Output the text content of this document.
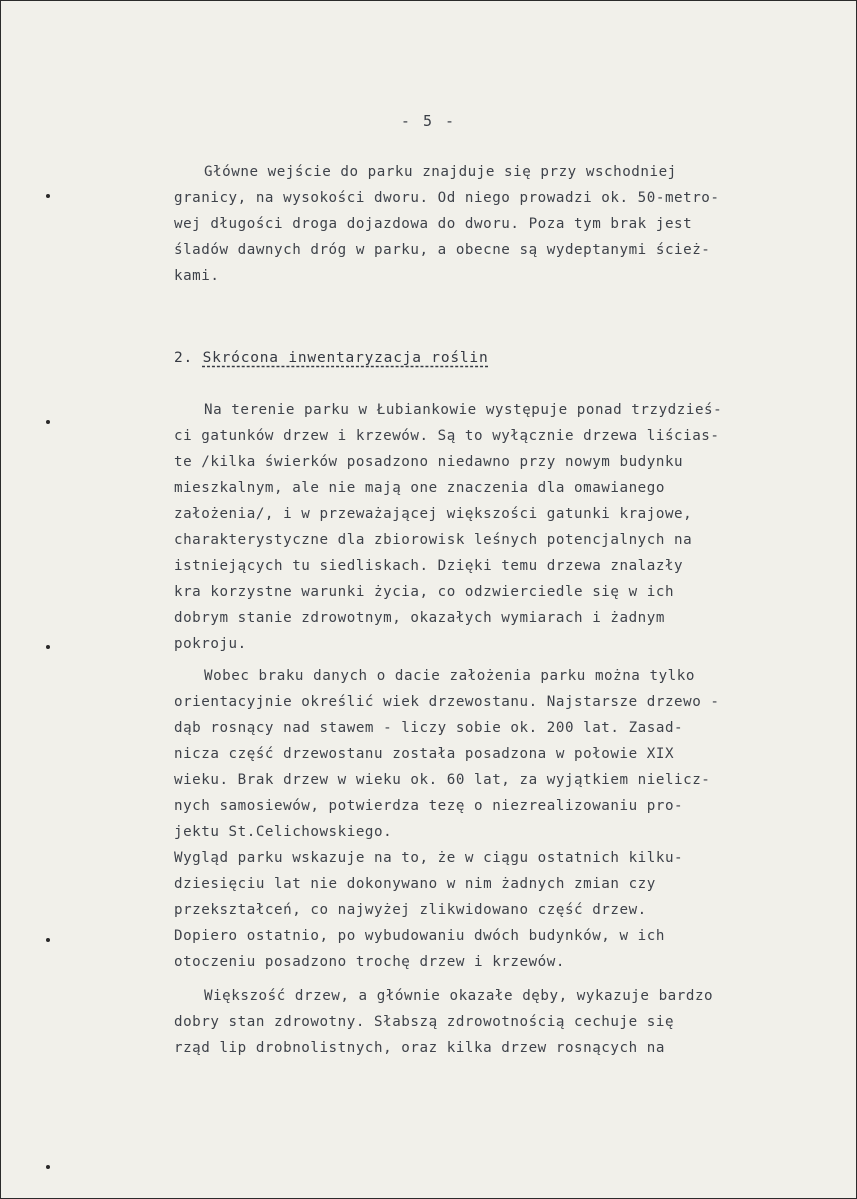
- 5 -

Główne wejście do parku znajduje się przy wschodniej

granicy, na wysokości dworu. Od niego prowadzi ok. 50-metro-

wej długości droga dojazdowa do dworu. Poza tym brak jest

śladów dawnych dróg w parku, a obecne są wydeptanymi ścież-

kami.

2. Skrócona inwentaryzacja roślin

Na terenie parku w Łubiankowie występuje ponad trzydzieś-

ci gatunków drzew i krzewów. Są to wyłącznie drzewa liścias-

te /kilka świerków posadzono niedawno przy nowym budynku

mieszkalnym, ale nie mają one znaczenia dla omawianego

założenia/, i w przeważającej większości gatunki krajowe,

charakterystyczne dla zbiorowisk leśnych potencjalnych na

istniejących tu siedliskach. Dzięki temu drzewa znalazły

kra korzystne warunki życia, co odzwierciedle się w ich

dobrym stanie zdrowotnym, okazałych wymiarach i żadnym

pokroju.

Wobec braku danych o dacie założenia parku można tylko

orientacyjnie określić wiek drzewostanu. Najstarsze drzewo -

dąb rosnący nad stawem - liczy sobie ok. 200 lat. Zasad-

nicza część drzewostanu została posadzona w połowie XIX

wieku. Brak drzew w wieku ok. 60 lat, za wyjątkiem nielicz-

nych samosiewów, potwierdza tezę o niezrealizowaniu pro-

jektu St.Celichowskiego.

Wygląd parku wskazuje na to, że w ciągu ostatnich kilku-

dziesięciu lat nie dokonywano w nim żadnych zmian czy

przekształceń, co najwyżej zlikwidowano część drzew.

Dopiero ostatnio, po wybudowaniu dwóch budynków, w ich

otoczeniu posadzono trochę drzew i krzewów.

Większość drzew, a głównie okazałe dęby, wykazuje bardzo

dobry stan zdrowotny. Słabszą zdrowotnością cechuje się

rząd lip drobnolistnych, oraz kilka drzew rosnących na
